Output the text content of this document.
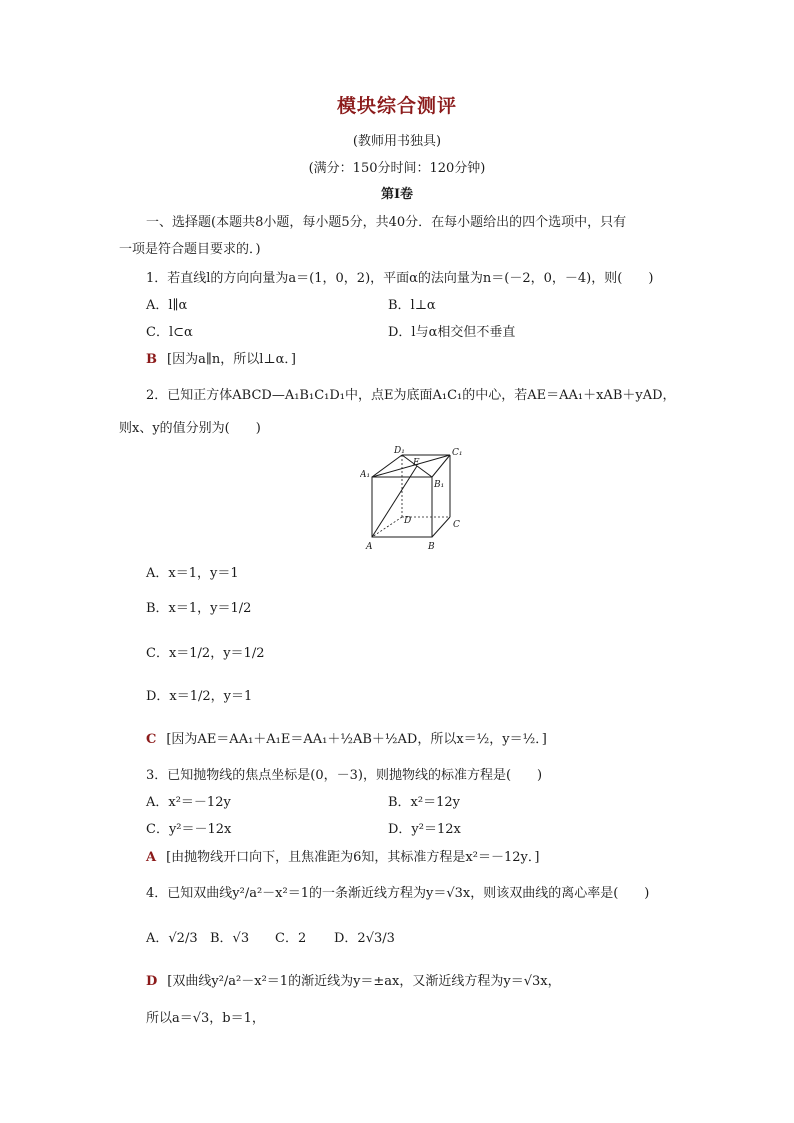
模块综合测评
(教师用书独具)
(满分：150分时间：120分钟)
第Ⅰ卷
一、选择题(本题共8小题，每小题5分，共40分．在每小题给出的四个选项中，只有
一项是符合题目要求的．)
1．若直线l的方向向量为a＝(1，0，2)，平面α的法向量为n＝(－2，0，－4)，则(　　)
A．l∥α	B．l⊥α
C．l⊂α	D．l与α相交但不垂直
B [因为a∥n，所以l⊥α．]
2．已知正方体ABCD—A₁B₁C₁D₁中，点E为底面A₁C₁的中心，若AE＝AA₁＋xAB＋yAD，
则x、y的值分别为(　　)
D₁	C₁
A₁
E
B₁
D	C
A	B
A．x＝1，y＝1
B．x＝1，y＝1/2
C．x＝1/2，y＝1/2
D．x＝1/2，y＝1
C [因为AE＝AA₁＋A₁E＝AA₁＋½AB＋½AD，所以x＝½，y＝½．]
3．已知抛物线的焦点坐标是(0，－3)，则抛物线的标准方程是(　　)
A．x²＝－12y	B．x²＝12y
C．y²＝－12x	D．y²＝12x
A [由抛物线开口向下，且焦准距为6知，其标准方程是x²＝－12y．]
4．已知双曲线y²/a²－x²＝1的一条渐近线方程为y＝√3x，则该双曲线的离心率是(　　)
A．√2/3 B．√3 C．2 D．2√3/3
D [双曲线y²/a²－x²＝1的渐近线为y＝±ax，又渐近线方程为y＝√3x，
所以a＝√3，b＝1，
